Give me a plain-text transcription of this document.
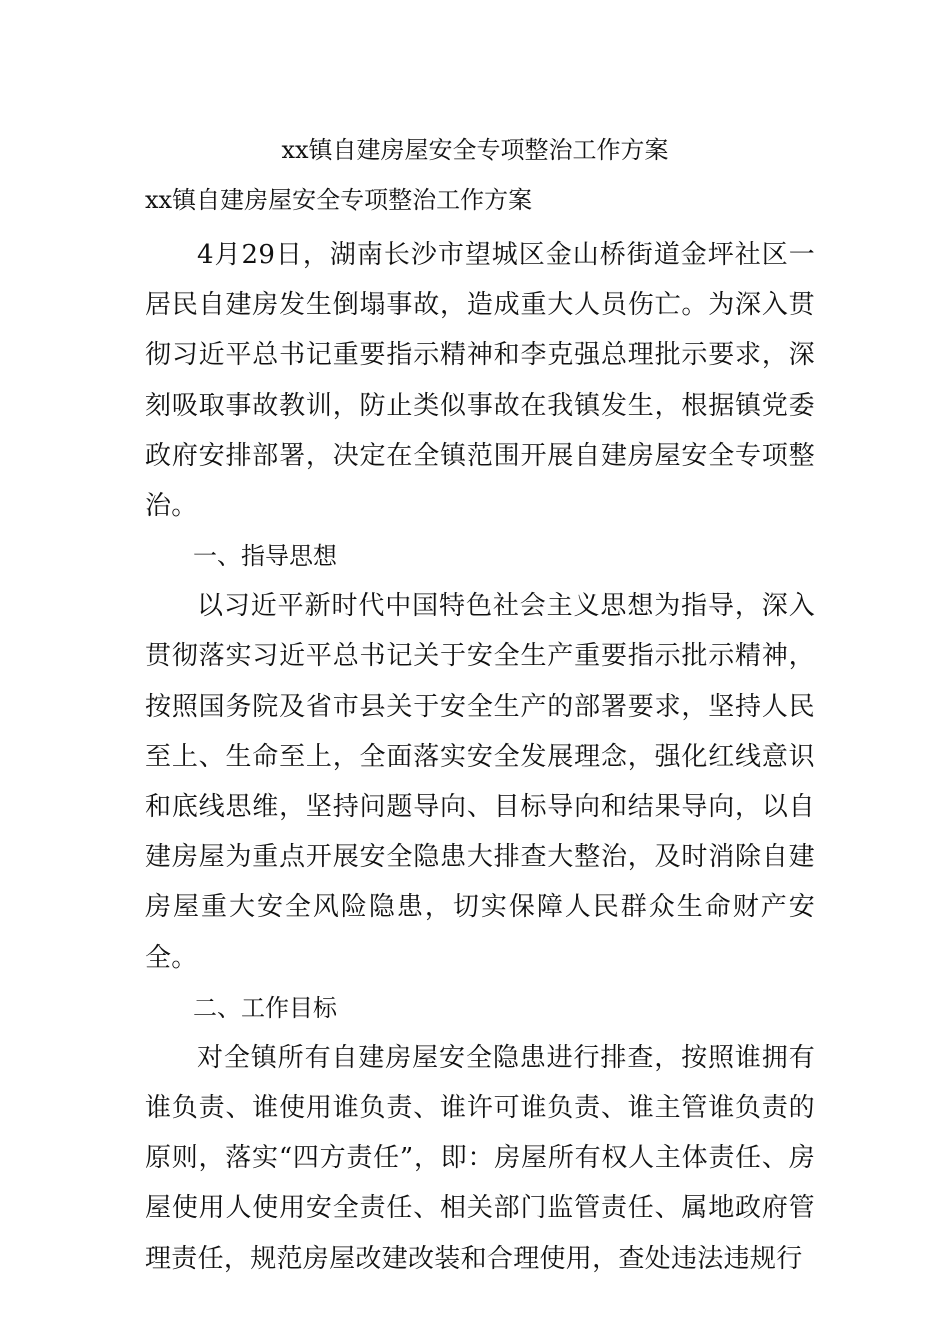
xx镇自建房屋安全专项整治工作方案
xx镇自建房屋安全专项整治工作方案

4月29日，湖南长沙市望城区金山桥街道金坪社区一居民自建房发生倒塌事故，造成重大人员伤亡。为深入贯彻习近平总书记重要指示精神和李克强总理批示要求，深刻吸取事故教训，防止类似事故在我镇发生，根据镇党委政府安排部署，决定在全镇范围开展自建房屋安全专项整治。

一、指导思想

以习近平新时代中国特色社会主义思想为指导，深入贯彻落实习近平总书记关于安全生产重要指示批示精神，按照国务院及省市县关于安全生产的部署要求，坚持人民至上、生命至上，全面落实安全发展理念，强化红线意识和底线思维，坚持问题导向、目标导向和结果导向，以自建房屋为重点开展安全隐患大排查大整治，及时消除自建房屋重大安全风险隐患，切实保障人民群众生命财产安全。

二、工作目标

对全镇所有自建房屋安全隐患进行排查，按照谁拥有谁负责、谁使用谁负责、谁许可谁负责、谁主管谁负责的原则，落实“四方责任”，即：房屋所有权人主体责任、房屋使用人使用安全责任、相关部门监管责任、属地政府管理责任，规范房屋改建改装和合理使用，查处违法违规行
